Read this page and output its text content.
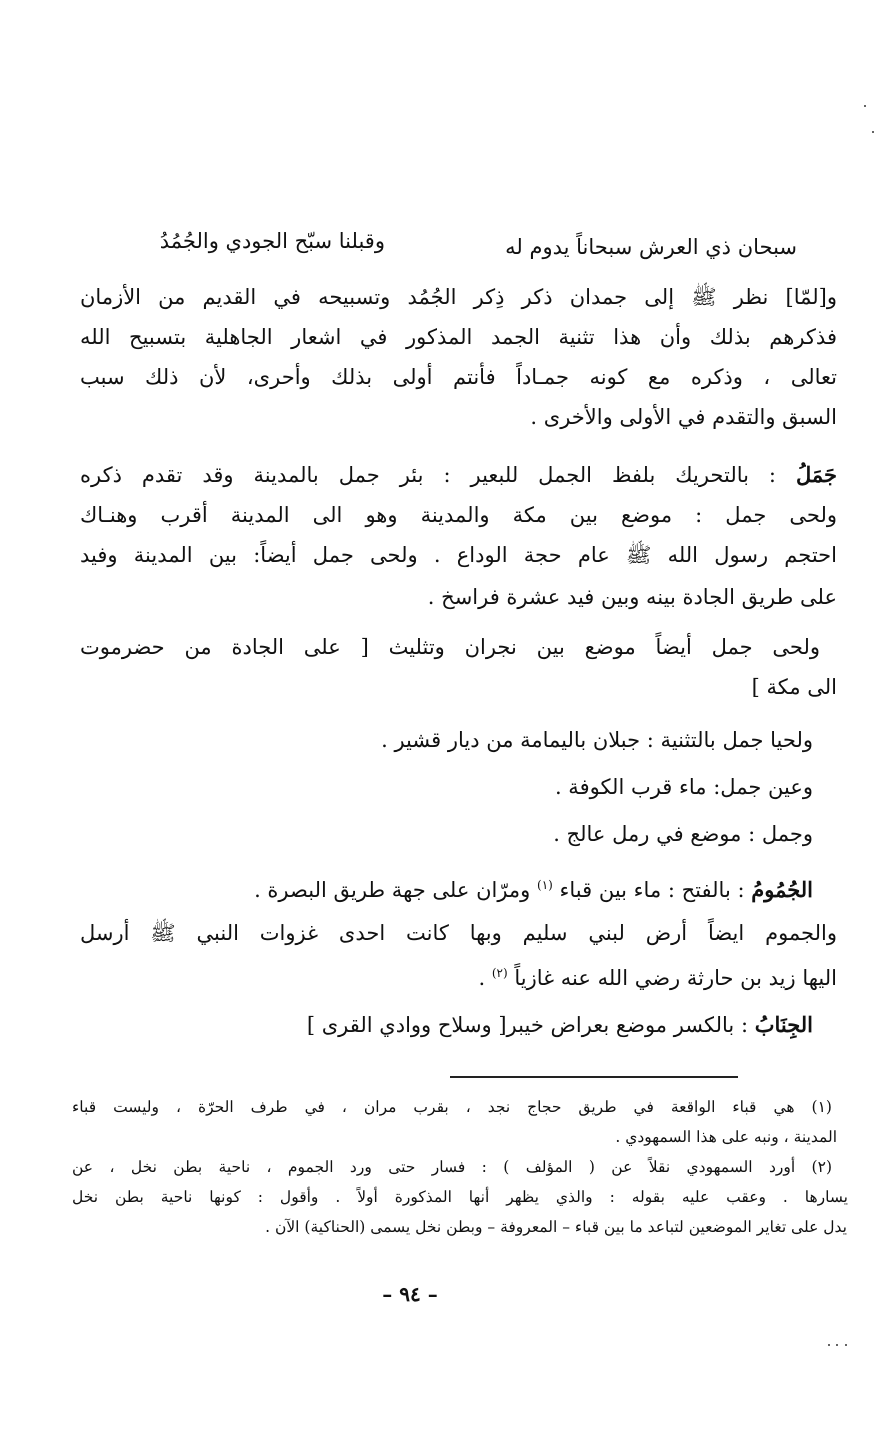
سبحان ذي العرش سبحاناً يدوم له
وقبلنا سبّح الجودي والجُمُدُ
و[لمّا] نظر ﷺ إلى جمدان ذكر ذِكر الجُمُد وتسبيحه في القديم من الأزمان
فذكرهم بذلك وأن هذا تثنية الجمد المذكور في اشعار الجاهلية بتسبيح الله
تعالى ، وذكره مع كونه جمـاداً فأنتم أولى بذلك وأحرى، لأن ذلك سبب
السبق والتقدم في الأولى والأخرى .
جَمَلُ : بالتحريك بلفظ الجمل للبعير : بئر جمل بالمدينة وقد تقدم ذكره
ولحى جمل : موضع بين مكة والمدينة وهو الى المدينة أقرب وهنـاك
احتجم رسول الله ﷺ عام حجة الوداع . ولحى جمل أيضاً: بين المدينة وفيد
على طريق الجادة بينه وبين فيد عشرة فراسخ .
ولحى جمل أيضاً موضع بين نجران وتثليث [ على الجادة من حضرموت
الى مكة ]
ولحيا جمل بالتثنية : جبلان باليمامة من ديار قشير .
وعين جمل: ماء قرب الكوفة .
وجمل : موضع في رمل عالج .
الجُمُومُ : بالفتح : ماء بين قباء $^{(١)}$ ومرّان على جهة طريق البصرة .
والجموم ايضاً أرض لبني سليم وبها كانت احدى غزوات النبي ﷺ أرسل
اليها زيد بن حارثة رضي الله عنه غازياً $^{(٢)}$ .
الجِنَابُ : بالكسر موضع بعراض خيبر[ وسلاح ووادي القرى ]
(١) هي قباء الواقعة في طريق حجاج نجد ، بقرب مران ، في طرف الحرّة ، وليست قباء
المدينة ، ونبه على هذا السمهودي .
(٢) أورد السمهودي نقلاً عن ( المؤلف ) : فسار حتى ورد الجموم ، ناحية بطن نخل ، عن
يسارها . وعقب عليه بقوله : والذي يظهر أنها المذكورة أولاً . وأقول : كونها ناحية بطن نخل
يدل على تغاير الموضعين لتباعد ما بين قباء – المعروفة – وبطن نخل يسمى (الحناكية) الآن .
– ٩٤ –
